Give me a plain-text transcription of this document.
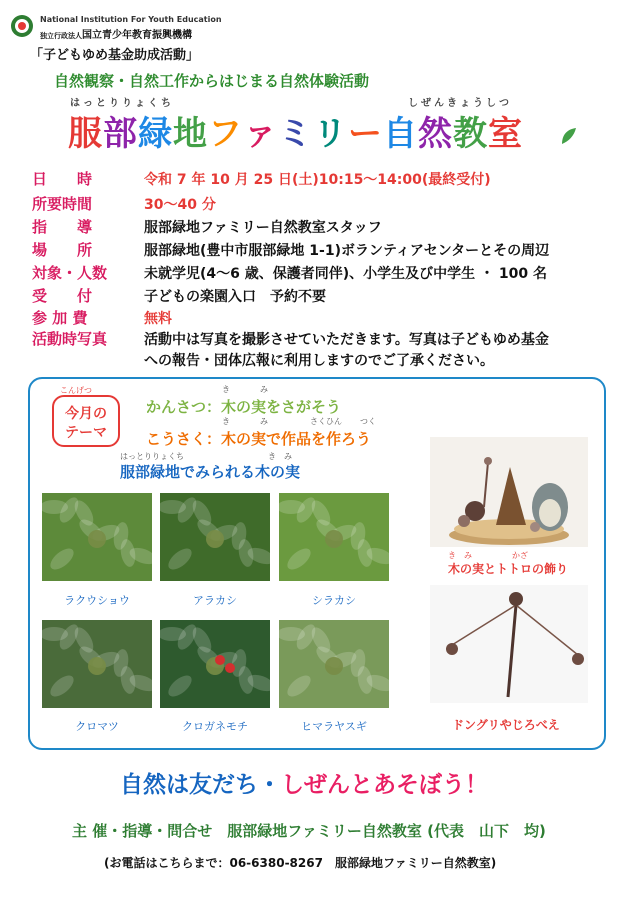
National Institution For Youth Education
独立行政法人国立青少年教育振興機構
「子どもゆめ基金助成活動」
自然観察・自然工作からはじまる自然体験活動
はっとりりょくち	しぜんきょうしつ
服部緑地ファミリー自然教室
日　　時	令和 7 年 10 月 25 日(土)10:15～14:00(最終受付)
所要時間	30～40 分
指　　導	服部緑地ファミリー自然教室スタッフ
場　　所	服部緑地(豊中市服部緑地 1‐1)ボランティアセンターとその周辺
対象・人数	未就学児(4～6 歳、保護者同伴)、小学生及び中学生 ・ 100 名
受　　付	子どもの楽園入口　予約不要
参 加 費	無料
活動時写真	活動中は写真を撮影させていただきます。写真は子どもゆめ基金
への報告・団体広報に利用しますのでご了承ください。
こんげつ
今月の
テーマ
き	み
かんさつ：木の実をさがそう
き	み	さくひん つく
こうさく：木の実で作品を作ろう
はっとりりょくち	き　み
服部緑地でみられる木の実
ラクウショウ	アラカシ	シラカシ
クロマツ	クロガネモチ	ヒマラヤスギ
木の実とトトロの飾り
き　み　　　　　かざ
ドングリやじろべえ
自然は友だち・しぜんとあそぼう！
主 催・指導・問合せ　服部緑地ファミリー自然教室 (代表　山下　均)
(お電話はこちらまで：06-6380-8267　服部緑地ファミリー自然教室)
